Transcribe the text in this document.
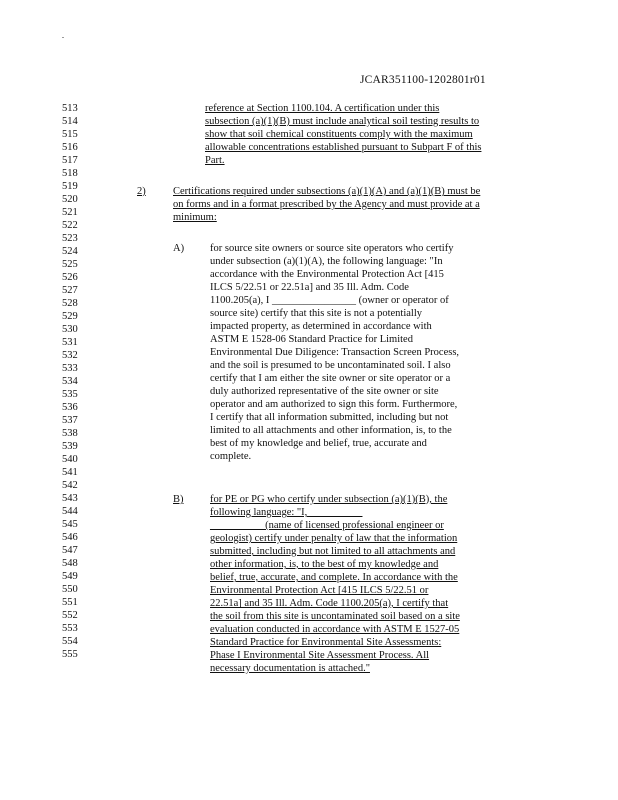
JCAR351100-1202801r01
513
514
515
516
517
518
519
520
521
522
523
524
525
526
527
528
529
530
531
532
533
534
535
536
537
538
539
540
541
542
543
544
545
546
547
548
549
550
551
552
553
554
555
reference at Section 1100.104. A certification under this
subsection (a)(1)(B) must include analytical soil testing results to
show that soil chemical constituents comply with the maximum
allowable concentrations established pursuant to Subpart F of this
Part.
2)	Certifications required under subsections (a)(1)(A) and (a)(1)(B) must be
on forms and in a format prescribed by the Agency and must provide at a
minimum:
A) for source site owners or source site operators who certify
under subsection (a)(1)(A), the following language: "In
accordance with the Environmental Protection Act [415
ILCS 5/22.51 or 22.51a] and 35 Ill. Adm. Code
1100.205(a), I ________________ (owner or operator of
source site) certify that this site is not a potentially
impacted property, as determined in accordance with
ASTM E 1528-06 Standard Practice for Limited
Environmental Due Diligence: Transaction Screen Process,
and the soil is presumed to be uncontaminated soil. I also
certify that I am either the site owner or site operator or a
duly authorized representative of the site owner or site
operator and am authorized to sign this form. Furthermore,
I certify that all information submitted, including but not
limited to all attachments and other information, is, to the
best of my knowledge and belief, true, accurate and
complete.
B)	for PE or PG who certify under subsection (a)(1)(B), the
following language: "I, __________
__________ (name of licensed professional engineer or
geologist) certify under penalty of law that the information
submitted, including but not limited to all attachments and
other information, is, to the best of my knowledge and
belief, true, accurate, and complete. In accordance with the
Environmental Protection Act [415 ILCS 5/22.51 or
22.51a] and 35 Ill. Adm. Code 1100.205(a), I certify that
the soil from this site is uncontaminated soil based on a site
evaluation conducted in accordance with ASTM E 1527-05
Standard Practice for Environmental Site Assessments:
Phase I Environmental Site Assessment Process. All
necessary documentation is attached."
